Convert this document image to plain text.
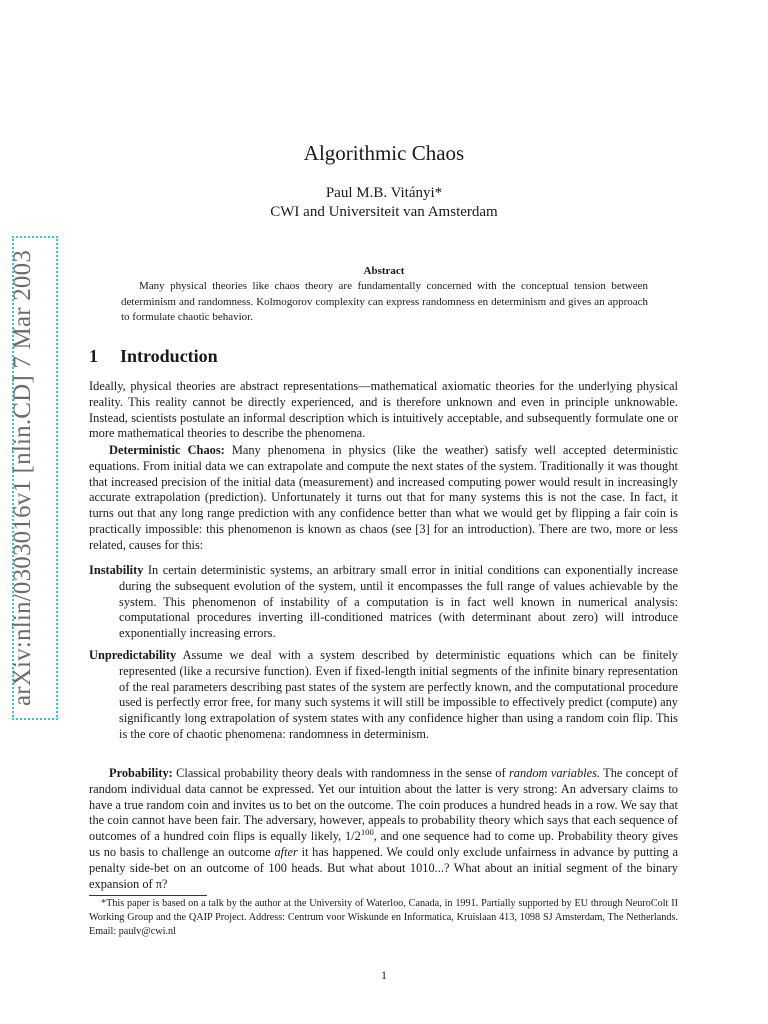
arXiv:nlin/0303016v1 [nlin.CD] 7 Mar 2003
Algorithmic Chaos
Paul M.B. Vitányi*
CWI and Universiteit van Amsterdam
Abstract
Many physical theories like chaos theory are fundamentally concerned with the conceptual tension between determinism and randomness. Kolmogorov complexity can express randomness en determinism and gives an approach to formulate chaotic behavior.
1 Introduction
Ideally, physical theories are abstract representations—mathematical axiomatic theories for the underlying physical reality. This reality cannot be directly experienced, and is therefore unknown and even in principle unknowable. Instead, scientists postulate an informal description which is intuitively acceptable, and subsequently formulate one or more mathematical theories to describe the phenomena.
Deterministic Chaos: Many phenomena in physics (like the weather) satisfy well accepted deterministic equations. From initial data we can extrapolate and compute the next states of the system. Traditionally it was thought that increased precision of the initial data (measurement) and increased computing power would result in increasingly accurate extrapolation (prediction). Unfortunately it turns out that for many systems this is not the case. In fact, it turns out that any long range prediction with any confidence better than what we would get by flipping a fair coin is practically impossible: this phenomenon is known as chaos (see [3] for an introduction). There are two, more or less related, causes for this:
Instability In certain deterministic systems, an arbitrary small error in initial conditions can exponentially increase during the subsequent evolution of the system, until it encompasses the full range of values achievable by the system. This phenomenon of instability of a computation is in fact well known in numerical analysis: computational procedures inverting ill-conditioned matrices (with determinant about zero) will introduce exponentially increasing errors.
Unpredictability Assume we deal with a system described by deterministic equations which can be finitely represented (like a recursive function). Even if fixed-length initial segments of the infinite binary representation of the real parameters describing past states of the system are perfectly known, and the computational procedure used is perfectly error free, for many such systems it will still be impossible to effectively predict (compute) any significantly long extrapolation of system states with any confidence higher than using a random coin flip. This is the core of chaotic phenomena: randomness in determinism.
Probability: Classical probability theory deals with randomness in the sense of random variables. The concept of random individual data cannot be expressed. Yet our intuition about the latter is very strong: An adversary claims to have a true random coin and invites us to bet on the outcome. The coin produces a hundred heads in a row. We say that the coin cannot have been fair. The adversary, however, appeals to probability theory which says that each sequence of outcomes of a hundred coin flips is equally likely, $1/2^{100}$, and one sequence had to come up. Probability theory gives us no basis to challenge an outcome after it has happened. We could only exclude unfairness in advance by putting a penalty side-bet on an outcome of 100 heads. But what about 1010...? What about an initial segment of the binary expansion of π?
*This paper is based on a talk by the author at the University of Waterloo, Canada, in 1991. Partially supported by EU through NeuroColt II Working Group and the QAIP Project. Address: Centrum voor Wiskunde en Informatica, Kruislaan 413, 1098 SJ Amsterdam, The Netherlands. Email: paulv@cwi.nl
1
